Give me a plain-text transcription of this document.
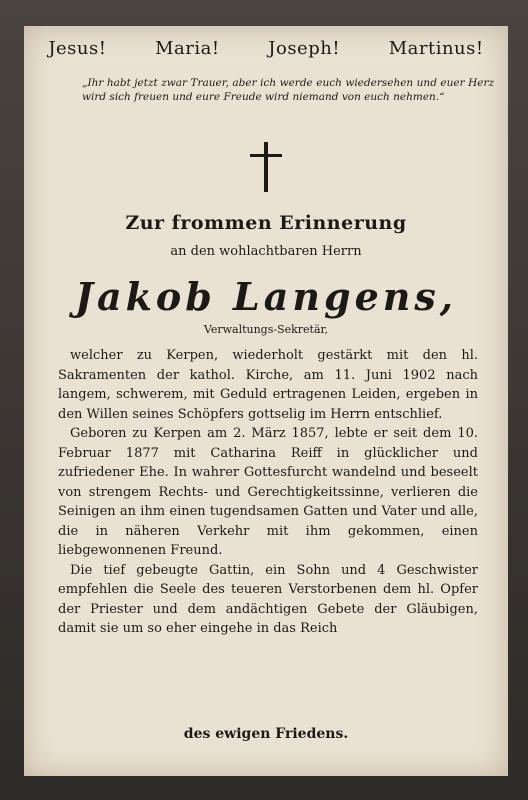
Jesus!	Maria!	Joseph!	Martinus!
„Ihr habt jetzt zwar Trauer, aber ich werde euch wiedersehen und euer Herz wird sich freuen und eure Freude wird niemand von euch nehmen.“
Zur frommen Erinnerung
an den wohlachtbaren Herrn
Jakob Langens,
Verwaltungs-Sekretär,

welcher zu Kerpen, wiederholt gestärkt mit den hl. Sakramenten der kathol. Kirche, am 11. Juni 1902 nach langem, schwerem, mit Geduld ertragenen Leiden, ergeben in den Willen seines Schöpfers gottselig im Herrn entschlief.

Geboren zu Kerpen am 2. März 1857, lebte er seit dem 10. Februar 1877 mit Catharina Reiff in glücklicher und zufriedener Ehe. In wahrer Gottesfurcht wandelnd und beseelt von strengem Rechts- und Gerechtigkeitssinne, verlieren die Seinigen an ihm einen tugendsamen Gatten und Vater und alle, die in näheren Verkehr mit ihm gekommen, einen liebgewonnenen Freund.

Die tief gebeugte Gattin, ein Sohn und 4 Geschwister empfehlen die Seele des teueren Verstorbenen dem hl. Opfer der Priester und dem andächtigen Gebete der Gläubigen, damit sie um so eher eingehe in das Reich

des ewigen Friedens.
